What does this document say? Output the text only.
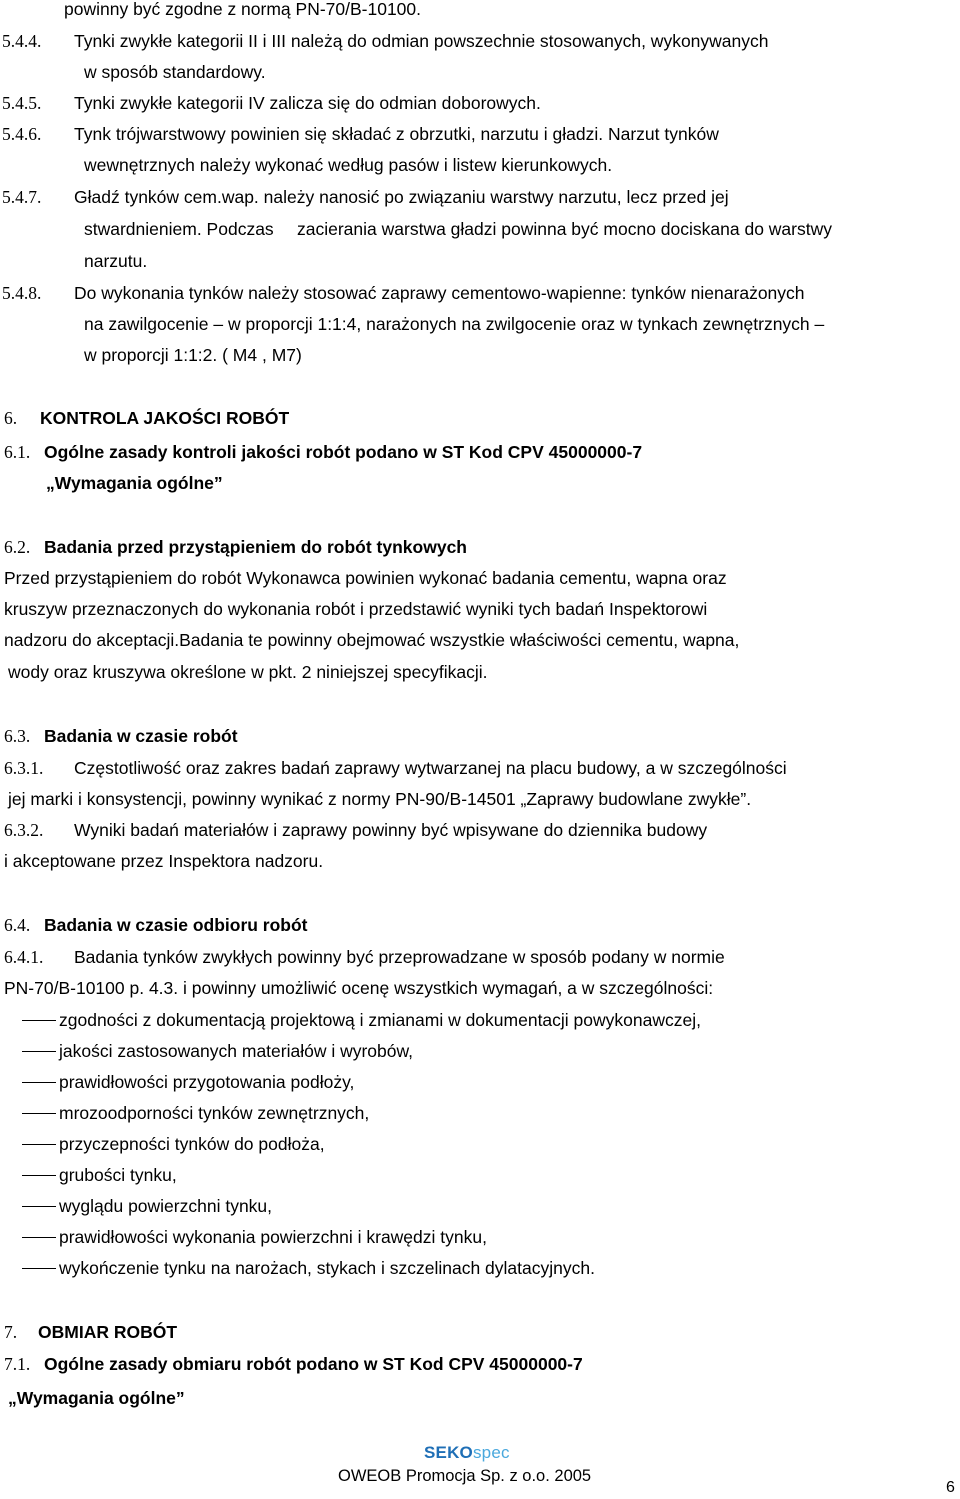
powinny być zgodne z normą PN-70/B-10100.
5.4.4. Tynki zwykłe kategorii II i III należą do odmian powszechnie stosowanych, wykonywanych
w sposób standardowy.
5.4.5. Tynki zwykłe kategorii IV zalicza się do odmian doborowych.
5.4.6. Tynk trójwarstwowy powinien się składać z obrzutki, narzutu i gładzi. Narzut tynków
wewnętrznych należy wykonać według pasów i listew kierunkowych.
5.4.7. Gładź tynków cem.wap. należy nanosić po związaniu warstwy narzutu, lecz przed jej
stwardnieniem. Podczas zacierania warstwa gładzi powinna być mocno dociskana do warstwy
narzutu.
5.4.8. Do wykonania tynków należy stosować zaprawy cementowo-wapienne: tynków nienarażonych
na zawilgocenie – w proporcji 1:1:4, narażonych na zwilgocenie oraz w tynkach zewnętrznych –
w proporcji 1:1:2. ( M4 , M7)
6. KONTROLA JAKOŚCI ROBÓT
6.1. Ogólne zasady kontroli jakości robót podano w ST Kod CPV 45000000-7
„Wymagania ogólne”
6.2. Badania przed przystąpieniem do robót tynkowych
Przed przystąpieniem do robót Wykonawca powinien wykonać badania cementu, wapna oraz
kruszyw przeznaczonych do wykonania robót i przedstawić wyniki tych badań Inspektorowi
nadzoru do akceptacji.Badania te powinny obejmować wszystkie właściwości cementu, wapna,
wody oraz kruszywa określone w pkt. 2 niniejszej specyfikacji.
6.3. Badania w czasie robót
6.3.1. Częstotliwość oraz zakres badań zaprawy wytwarzanej na placu budowy, a w szczególności
jej marki i konsystencji, powinny wynikać z normy PN-90/B-14501 „Zaprawy budowlane zwykłe”.
6.3.2. Wyniki badań materiałów i zaprawy powinny być wpisywane do dziennika budowy
i akceptowane przez Inspektora nadzoru.
6.4. Badania w czasie odbioru robót
6.4.1. Badania tynków zwykłych powinny być przeprowadzane w sposób podany w normie
PN-70/B-10100 p. 4.3. i powinny umożliwić ocenę wszystkich wymagań, a w szczególności:
zgodności z dokumentacją projektową i zmianami w dokumentacji powykonawczej,
jakości zastosowanych materiałów i wyrobów,
prawidłowości przygotowania podłoży,
mrozoodporności tynków zewnętrznych,
przyczepności tynków do podłoża,
grubości tynku,
wyglądu powierzchni tynku,
prawidłowości wykonania powierzchni i krawędzi tynku,
wykończenie tynku na narożach, stykach i szczelinach dylatacyjnych.
7. OBMIAR ROBÓT
7.1. Ogólne zasady obmiaru robót podano w ST Kod CPV 45000000-7
„Wymagania ogólne”
SEKOspec
OWEOB Promocja Sp. z o.o. 2005
6
